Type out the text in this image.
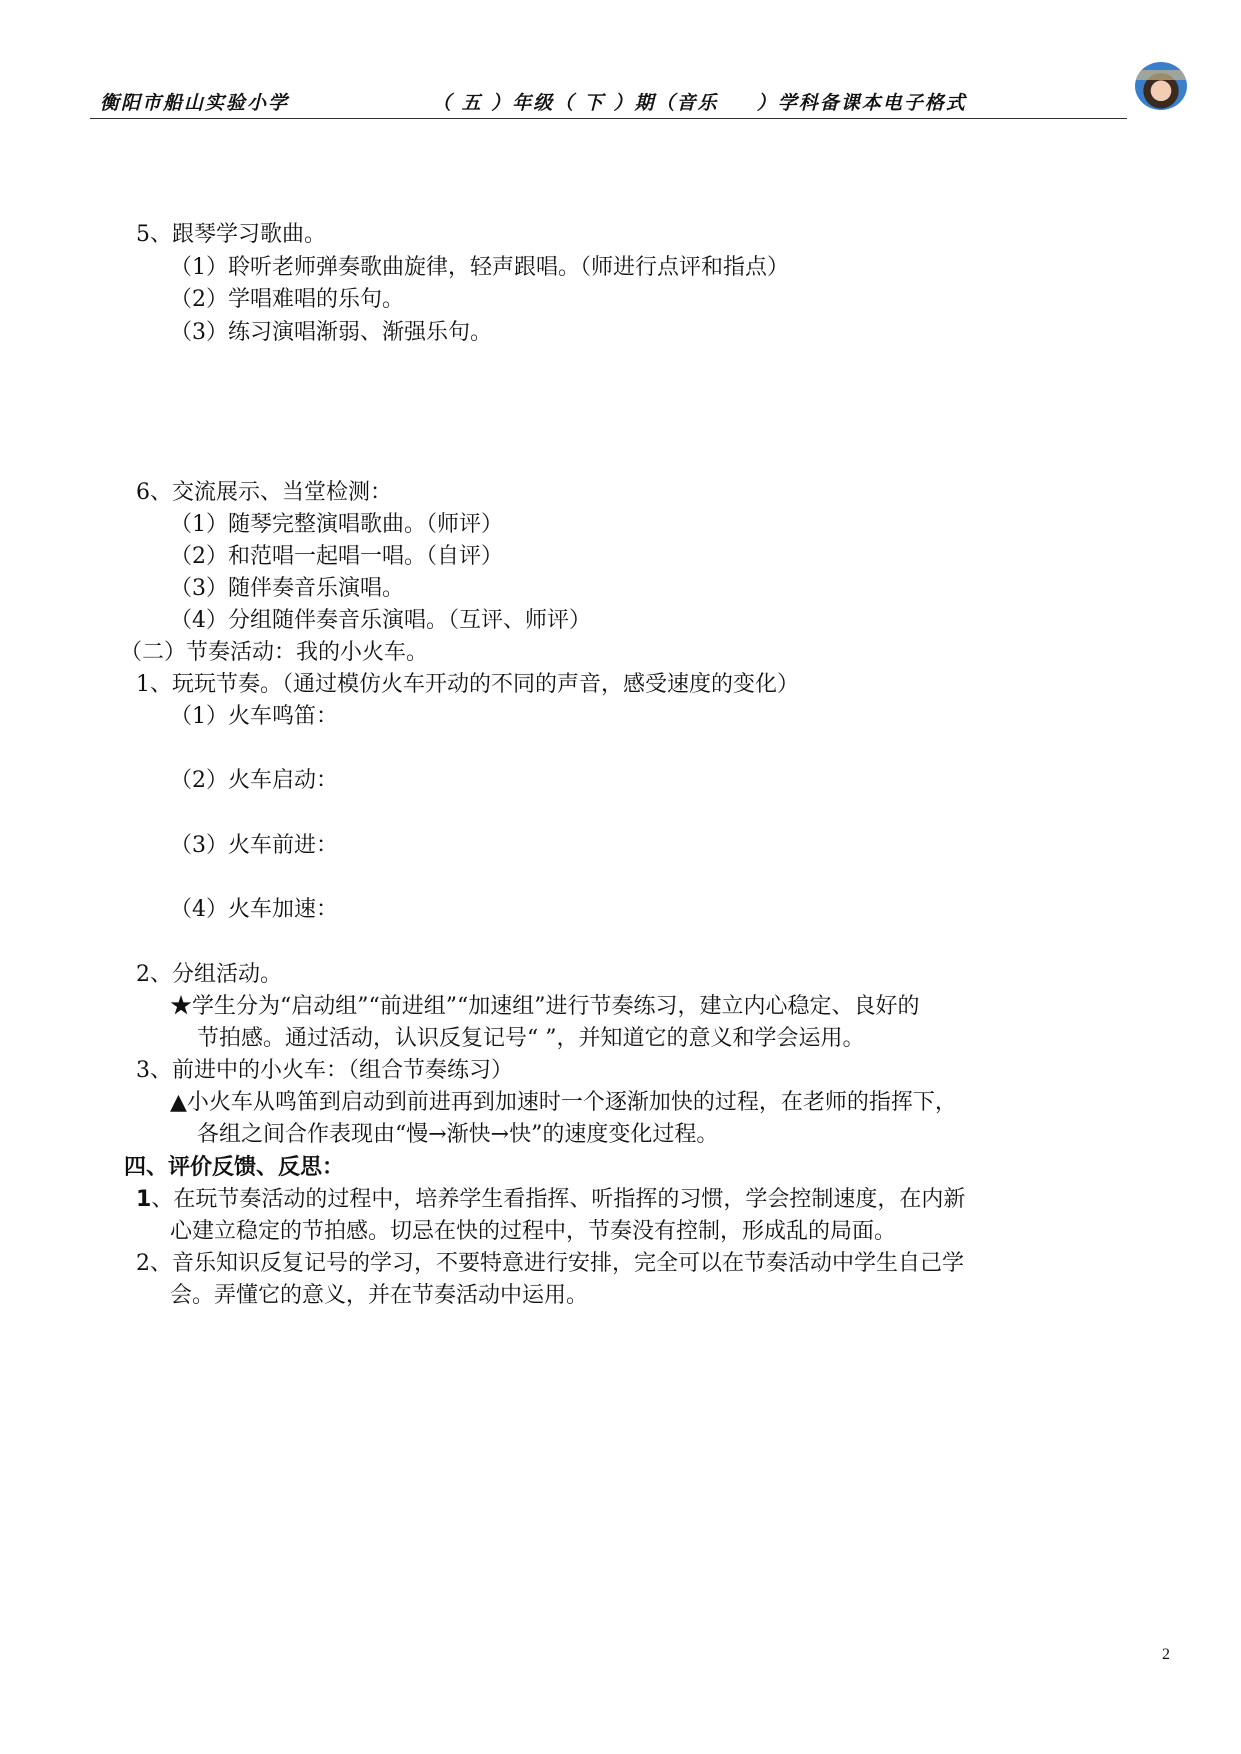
衡阳市船山实验小学	（ 五 ）年级（ 下 ）期（音乐 　 ）学科备课本电子格式
5、跟琴学习歌曲。
（1）聆听老师弹奏歌曲旋律，轻声跟唱。（师进行点评和指点）
（2）学唱难唱的乐句。
（3）练习演唱渐弱、渐强乐句。
6、交流展示、当堂检测：
（1）随琴完整演唱歌曲。（师评）
（2）和范唱一起唱一唱。（自评）
（3）随伴奏音乐演唱。
（4）分组随伴奏音乐演唱。（互评、师评）
（二）节奏活动：我的小火车。
1、玩玩节奏。（通过模仿火车开动的不同的声音，感受速度的变化）
（1）火车鸣笛：
（2）火车启动：
（3）火车前进：
（4）火车加速：
2、分组活动。
★学生分为“启动组”“前进组”“加速组”进行节奏练习，建立内心稳定、良好的
节拍感。通过活动，认识反复记号“ ”，并知道它的意义和学会运用。
3、前进中的小火车：（组合节奏练习）
▲小火车从鸣笛到启动到前进再到加速时一个逐渐加快的过程，在老师的指挥下，
各组之间合作表现由“慢→渐快→快”的速度变化过程。
四、评价反馈、反思：
1、在玩节奏活动的过程中，培养学生看指挥、听指挥的习惯，学会控制速度，在内新
心建立稳定的节拍感。切忌在快的过程中，节奏没有控制，形成乱的局面。
2、音乐知识反复记号的学习，不要特意进行安排，完全可以在节奏活动中学生自己学
会。弄懂它的意义，并在节奏活动中运用。
2
